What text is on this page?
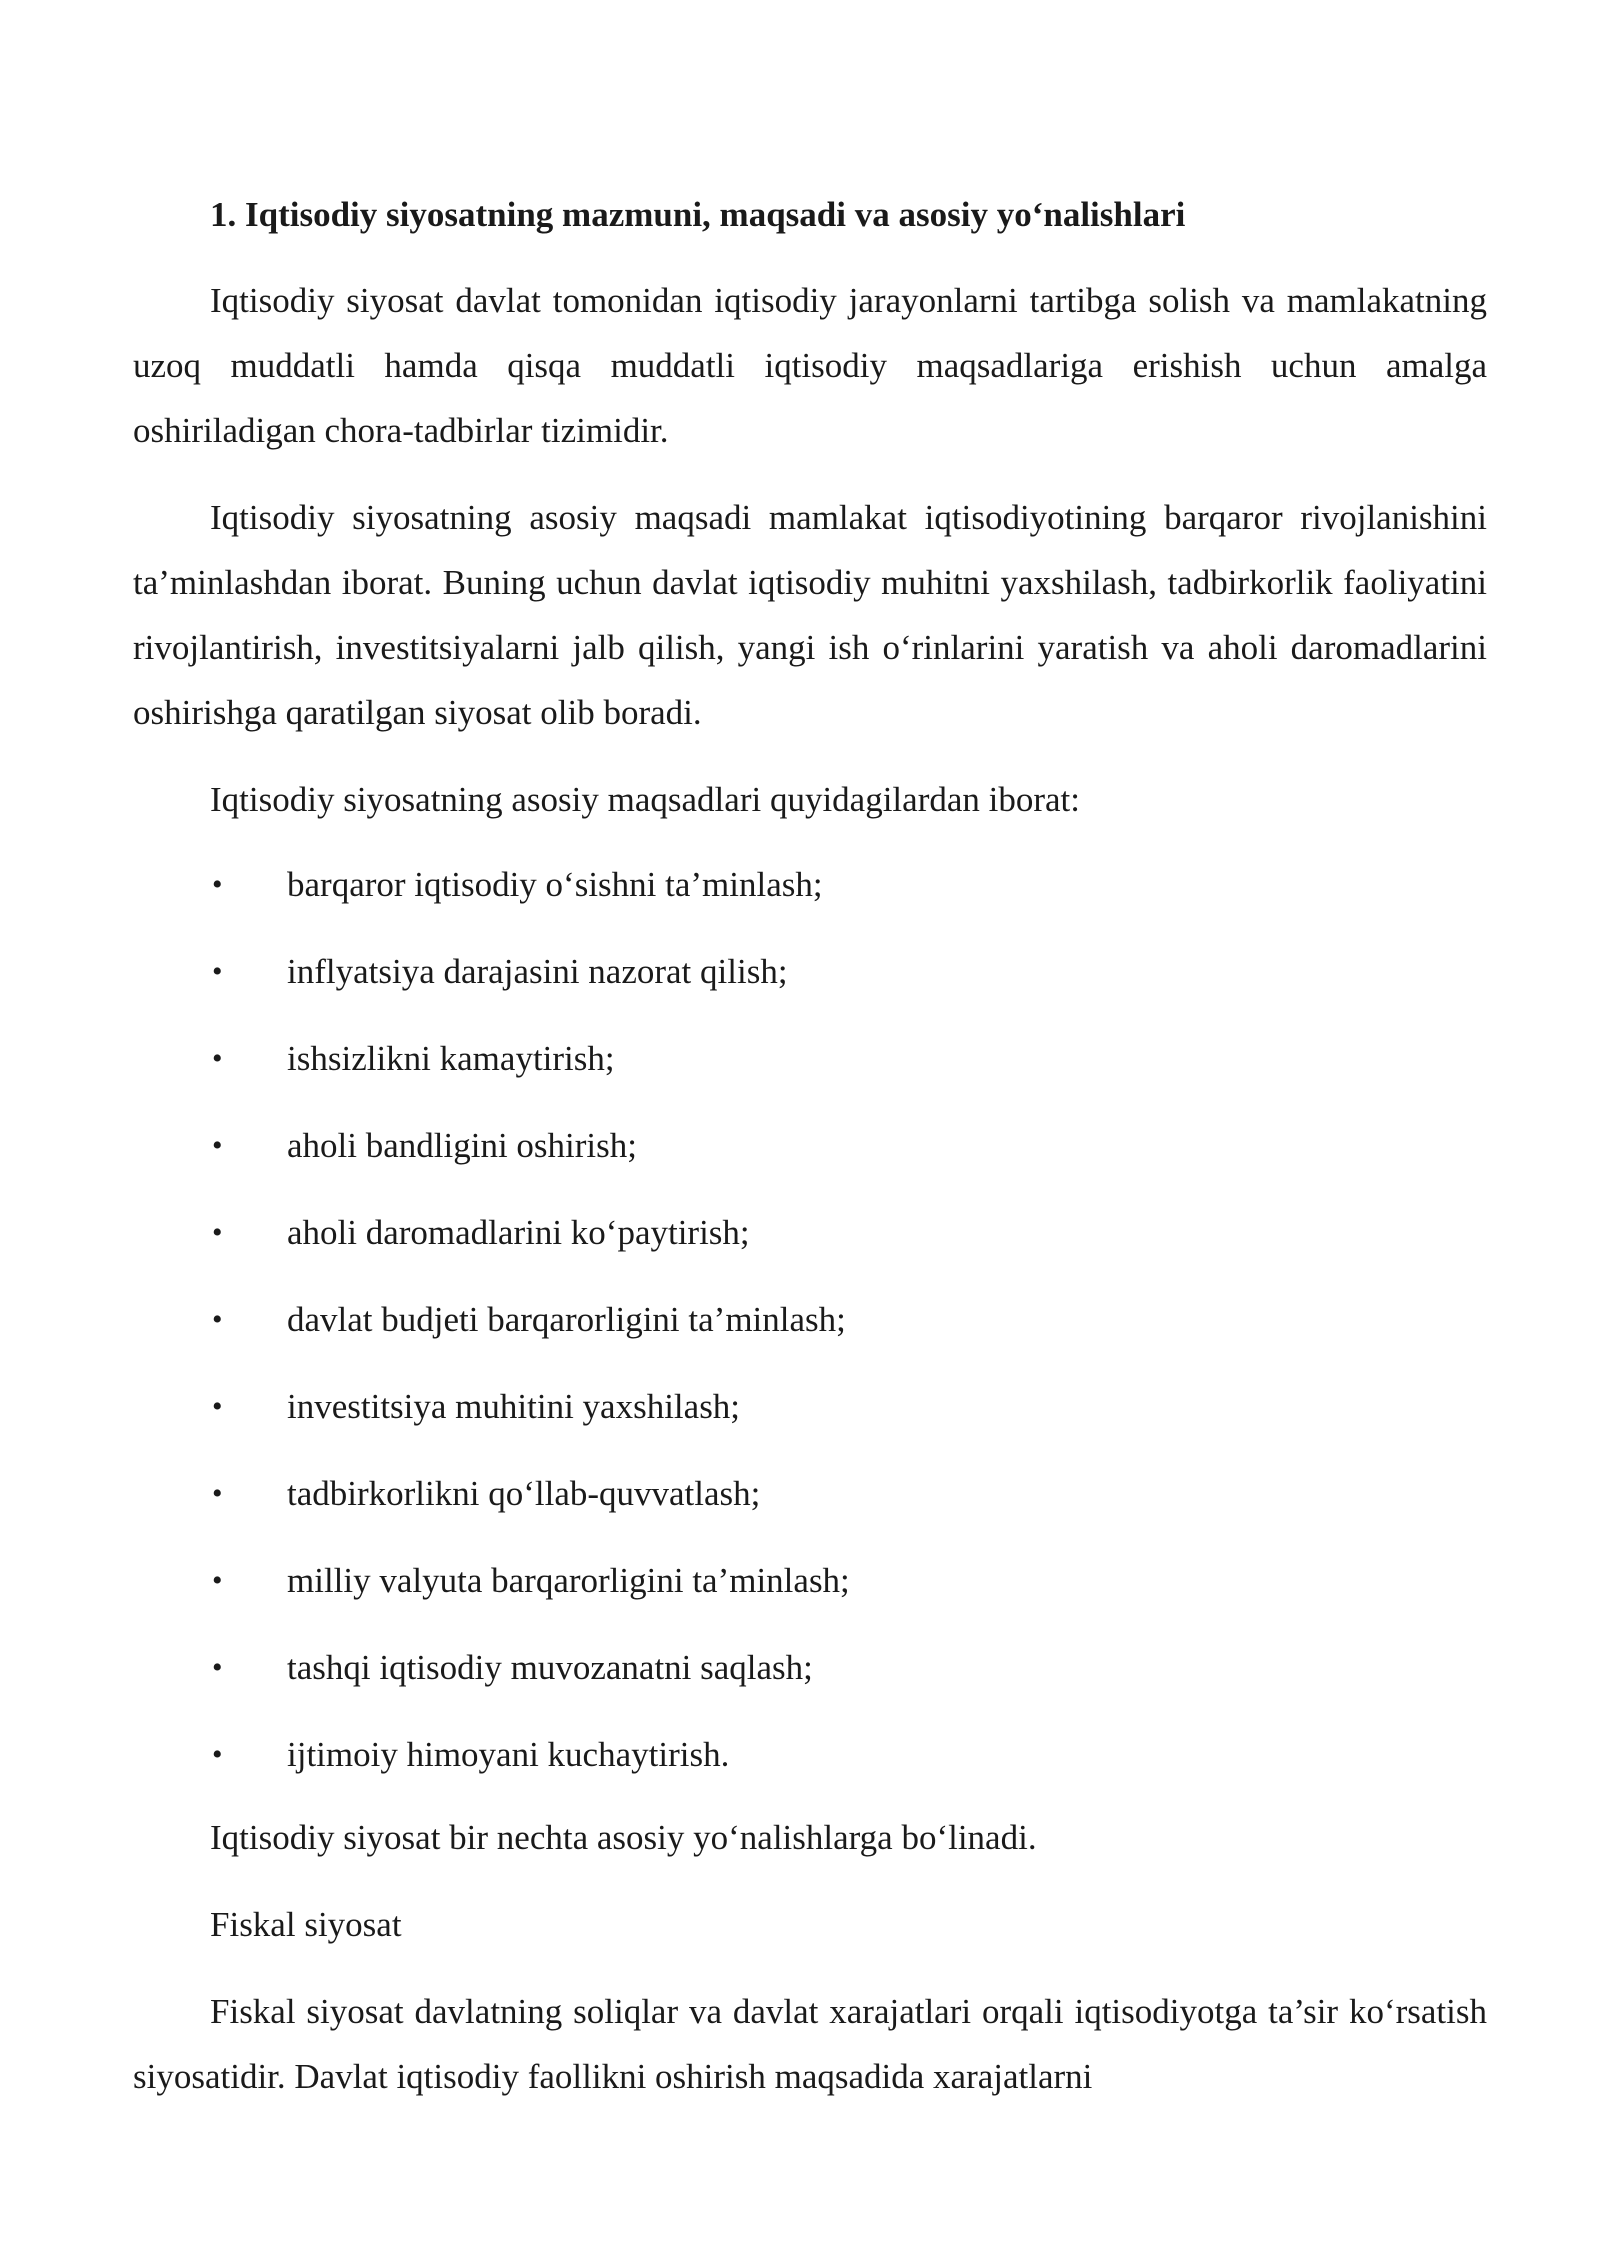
1. Iqtisodiy siyosatning mazmuni, maqsadi va asosiy yo‘nalishlari

Iqtisodiy siyosat davlat tomonidan iqtisodiy jarayonlarni tartibga solish va mamlakatning uzoq muddatli hamda qisqa muddatli iqtisodiy maqsadlariga erishish uchun amalga oshiriladigan chora-tadbirlar tizimidir.

Iqtisodiy siyosatning asosiy maqsadi mamlakat iqtisodiyotining barqaror rivojlanishini ta’minlashdan iborat. Buning uchun davlat iqtisodiy muhitni yaxshilash, tadbirkorlik faoliyatini rivojlantirish, investitsiyalarni jalb qilish, yangi ish o‘rinlarini yaratish va aholi daromadlarini oshirishga qaratilgan siyosat olib boradi.

Iqtisodiy siyosatning asosiy maqsadlari quyidagilardan iborat:

• barqaror iqtisodiy o‘sishni ta’minlash;
• inflyatsiya darajasini nazorat qilish;
• ishsizlikni kamaytirish;
• aholi bandligini oshirish;
• aholi daromadlarini ko‘paytirish;
• davlat budjeti barqarorligini ta’minlash;
• investitsiya muhitini yaxshilash;
• tadbirkorlikni qo‘llab-quvvatlash;
• milliy valyuta barqarorligini ta’minlash;
• tashqi iqtisodiy muvozanatni saqlash;
• ijtimoiy himoyani kuchaytirish.

Iqtisodiy siyosat bir nechta asosiy yo‘nalishlarga bo‘linadi.

Fiskal siyosat

Fiskal siyosat davlatning soliqlar va davlat xarajatlari orqali iqtisodiyotga ta’sir ko‘rsatish siyosatidir. Davlat iqtisodiy faollikni oshirish maqsadida xarajatlarni
